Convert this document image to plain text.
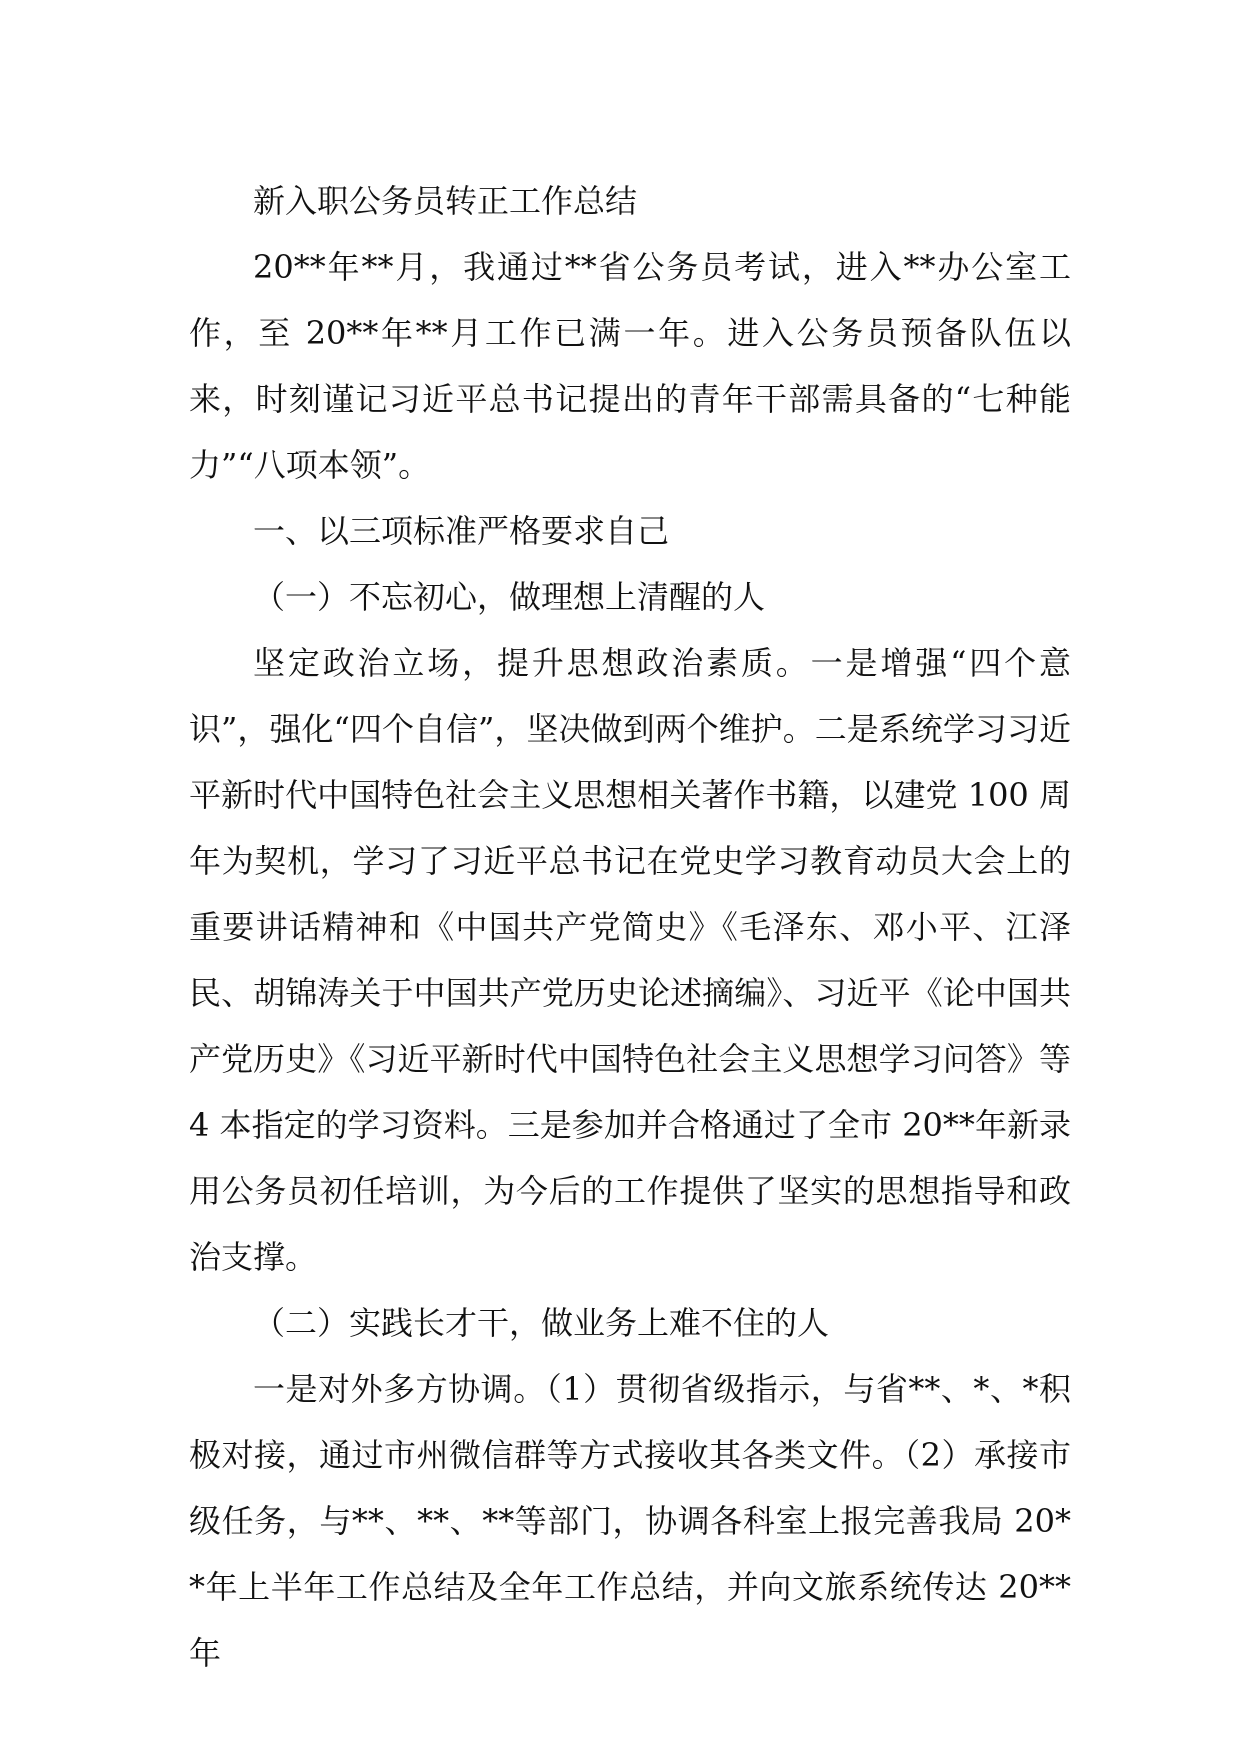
新入职公务员转正工作总结

20**年**月，我通过**省公务员考试，进入**办公室工作，至 20**年**月工作已满一年。进入公务员预备队伍以来，时刻谨记习近平总书记提出的青年干部需具备的“七种能力”“八项本领”。

一、以三项标准严格要求自己

（一）不忘初心，做理想上清醒的人

坚定政治立场，提升思想政治素质。一是增强“四个意识”，强化“四个自信”，坚决做到两个维护。二是系统学习习近平新时代中国特色社会主义思想相关著作书籍，以建党 100 周年为契机，学习了习近平总书记在党史学习教育动员大会上的重要讲话精神和《中国共产党简史》《毛泽东、邓小平、江泽民、胡锦涛关于中国共产党历史论述摘编》、习近平《论中国共产党历史》《习近平新时代中国特色社会主义思想学习问答》等 4 本指定的学习资料。三是参加并合格通过了全市 20**年新录用公务员初任培训，为今后的工作提供了坚实的思想指导和政治支撑。

（二）实践长才干，做业务上难不住的人

一是对外多方协调。（1）贯彻省级指示，与省**、*、*积极对接，通过市州微信群等方式接收其各类文件。（2）承接市级任务，与**、**、**等部门，协调各科室上报完善我局 20**年上半年工作总结及全年工作总结，并向文旅系统传达 20**年
